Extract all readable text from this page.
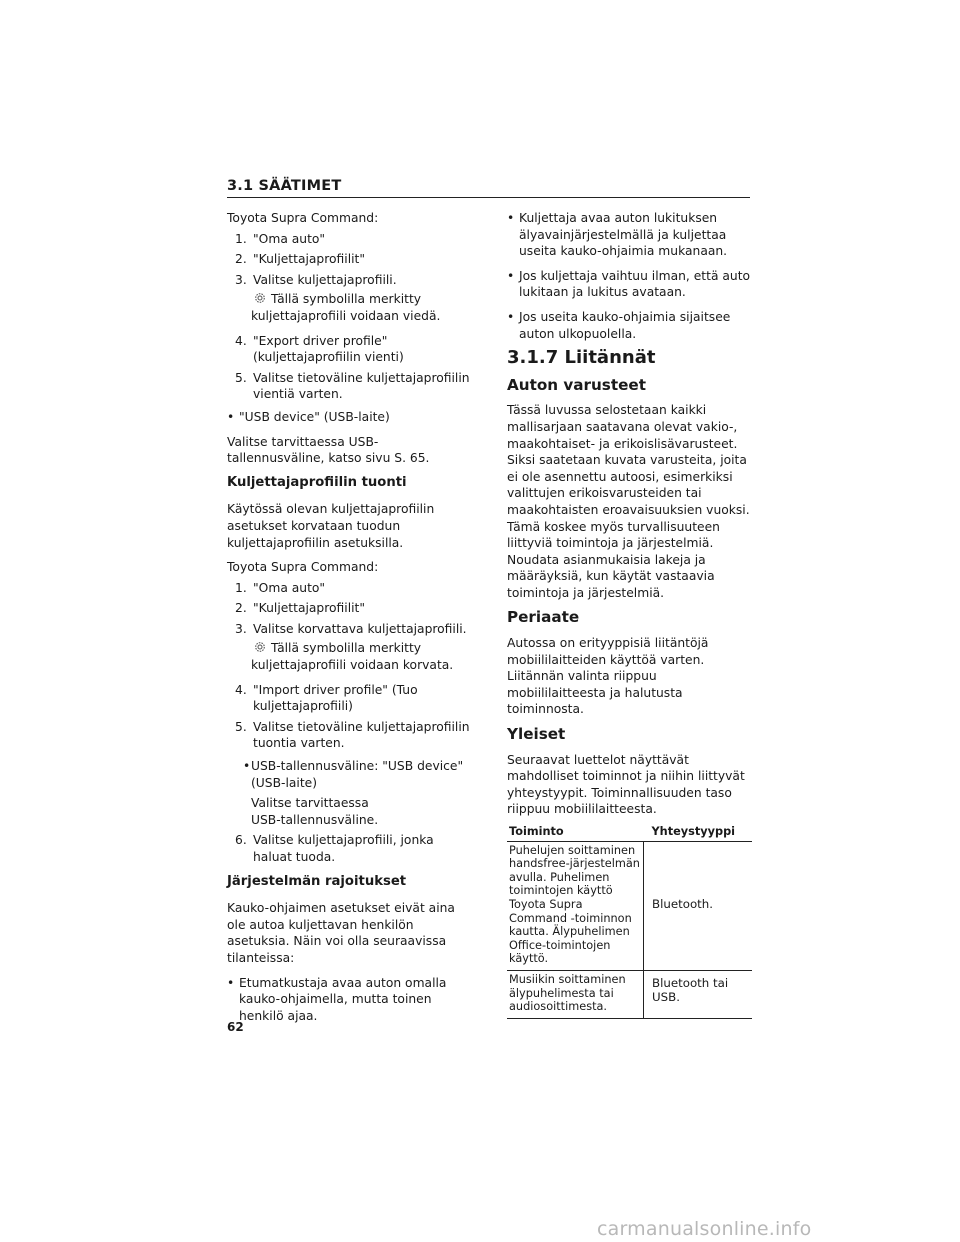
3.1 SÄÄTIMET

Toyota Supra Command:

1. "Oma auto"
2. "Kuljettajaprofiilit"
3. Valitse kuljettajaprofiili.
Tällä symbolilla merkitty kuljettajaprofiili voidaan viedä.
4. "Export driver profile" (kuljettajaprofiilin vienti)
5. Valitse tietoväline kuljettajaprofiilin vientiä varten.
• "USB device" (USB-laite)

Valitse tarvittaessa USB-tallennusväline, katso sivu S. 65.

Kuljettajaprofiilin tuonti

Käytössä olevan kuljettajaprofiilin asetukset korvataan tuodun kuljettajaprofiilin asetuksilla.

Toyota Supra Command:

1. "Oma auto"
2. "Kuljettajaprofiilit"
3. Valitse korvattava kuljettajaprofiili.
Tällä symbolilla merkitty kuljettajaprofiili voidaan korvata.
4. "Import driver profile" (Tuo kuljettajaprofiili)
5. Valitse tietoväline kuljettajaprofiilin tuontia varten.
• USB-tallennusväline: "USB device" (USB-laite)
Valitse tarvittaessa USB-tallennusväline.
6. Valitse kuljettajaprofiili, jonka haluat tuoda.
Järjestelmän rajoitukset

Kauko-ohjaimen asetukset eivät aina ole autoa kuljettavan henkilön asetuksia. Näin voi olla seuraavissa tilanteissa:

• Etumatkustaja avaa auton omalla kauko-ohjaimella, mutta toinen henkilö ajaa.
• Kuljettaja avaa auton lukituksen älyavainjärjestelmällä ja kuljettaa useita kauko-ohjaimia mukanaan.
• Jos kuljettaja vaihtuu ilman, että auto lukitaan ja lukitus avataan.
• Jos useita kauko-ohjaimia sijaitsee auton ulkopuolella.
3.1.7 Liitännät
Auton varusteet

Tässä luvussa selostetaan kaikki mallisarjaan saatavana olevat vakio-, maakohtaiset- ja erikoislisävarusteet. Siksi saatetaan kuvata varusteita, joita ei ole asennettu autoosi, esimerkiksi valittujen erikoisvarusteiden tai maakohtaisten eroavaisuuksien vuoksi. Tämä koskee myös turvallisuuteen liittyviä toimintoja ja järjestelmiä. Noudata asianmukaisia lakeja ja määräyksiä, kun käytät vastaavia toimintoja ja järjestelmiä.

Periaate

Autossa on erityyppisiä liitäntöjä mobiililaitteiden käyttöä varten. Liitännän valinta riippuu mobiililaitteesta ja halutusta toiminnosta.

Yleiset

Seuraavat luettelot näyttävät mahdolliset toiminnot ja niihin liittyvät yhteystyypit. Toiminnallisuuden taso riippuu mobiililaitteesta.

Toiminto	Yhteystyyppi
Puhelujen soittaminen handsfree-järjestelmän avulla. Puhelimen toimintojen käyttö Toyota Supra Command -toiminnon kautta. Älypuhelimen Office-toimintojen käyttö.	Bluetooth.
Musiikin soittaminen älypuhelimesta tai audiosoittimesta.	Bluetooth tai USB.
62
carmanualsonline.info
